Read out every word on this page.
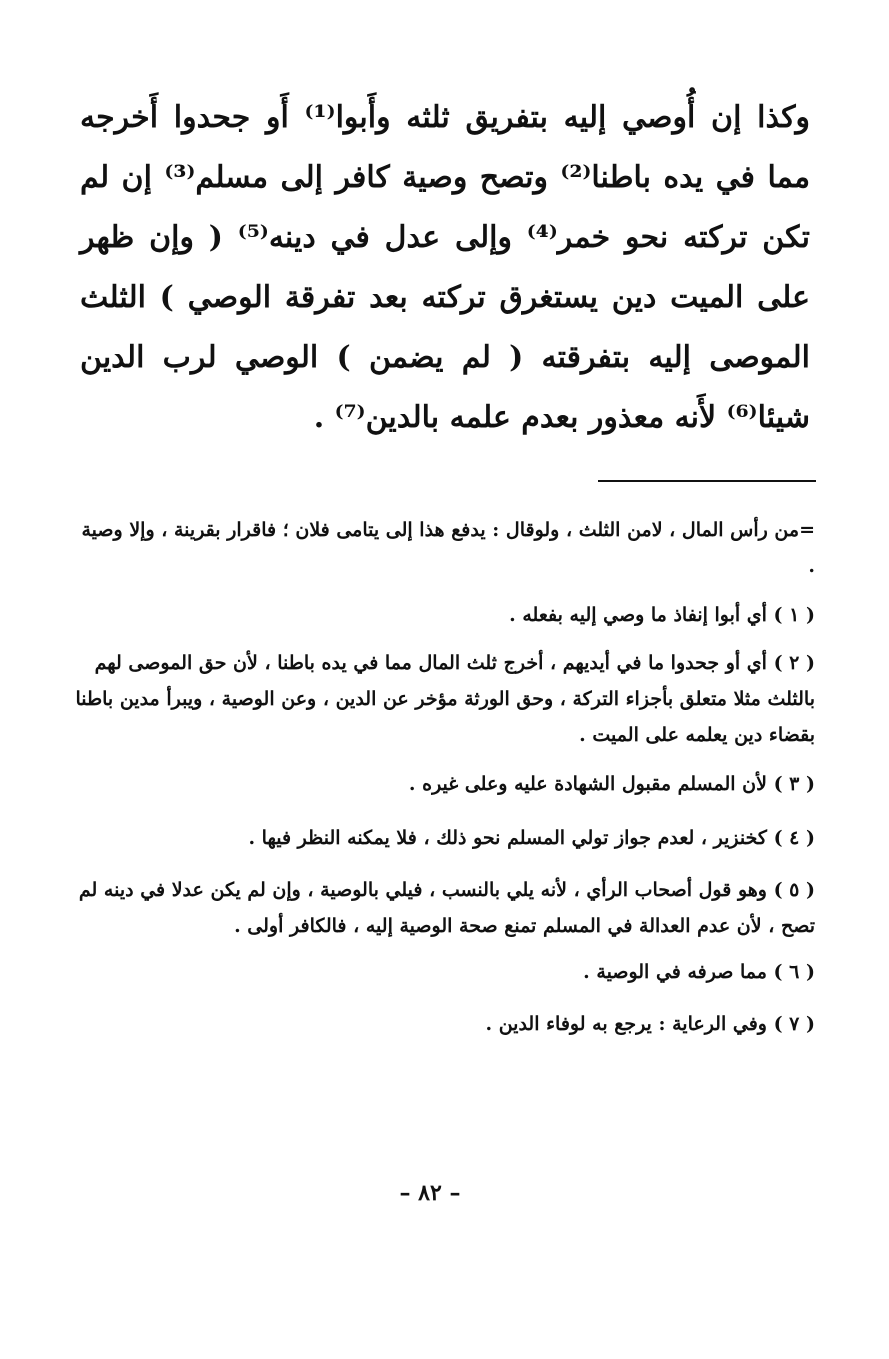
وكذا إن أُوصي إليه بتفريق ثلثه وأَبوا⁽¹⁾ أَو جحدوا أَخرجه مما في يده باطنا⁽²⁾ وتصح وصية كافر إلى مسلم⁽³⁾ إن لم تكن تركته نحو خمر⁽⁴⁾ وإلى عدل في دينه⁽⁵⁾ ( وإن ظهر على الميت دين يستغرق تركته بعد تفرقة الوصي ) الثلث الموصى إليه بتفرقته ( لم يضمن ) الوصي لرب الدين شيئا⁽⁶⁾ لأَنه معذور بعدم علمه بالدين⁽⁷⁾ .

=من رأس المال ، لامن الثلث ، ولوقال : يدفع هذا إلى يتامى فلان ؛ فاقرار بقرينة ، وإلا وصية .

( ١ ) أي أبوا إنفاذ ما وصي إليه بفعله .

( ٢ ) أي أو جحدوا ما في أيديهم ، أخرج ثلث المال مما في يده باطنا ، لأن حق الموصى لهم بالثلث مثلا متعلق بأجزاء التركة ، وحق الورثة مؤخر عن الدين ، وعن الوصية ، ويبرأ مدين باطنا بقضاء دين يعلمه على الميت .

( ٣ ) لأن المسلم مقبول الشهادة عليه وعلى غيره .

( ٤ ) كخنزير ، لعدم جواز تولي المسلم نحو ذلك ، فلا يمكنه النظر فيها .

( ٥ ) وهو قول أصحاب الرأي ، لأنه يلي بالنسب ، فيلي بالوصية ، وإن لم يكن عدلا في دينه لم تصح ، لأن عدم العدالة في المسلم تمنع صحة الوصية إليه ، فالكافر أولى .

( ٦ ) مما صرفه في الوصية .

( ٧ ) وفي الرعاية : يرجع به لوفاء الدين .

– ٨٢ –
